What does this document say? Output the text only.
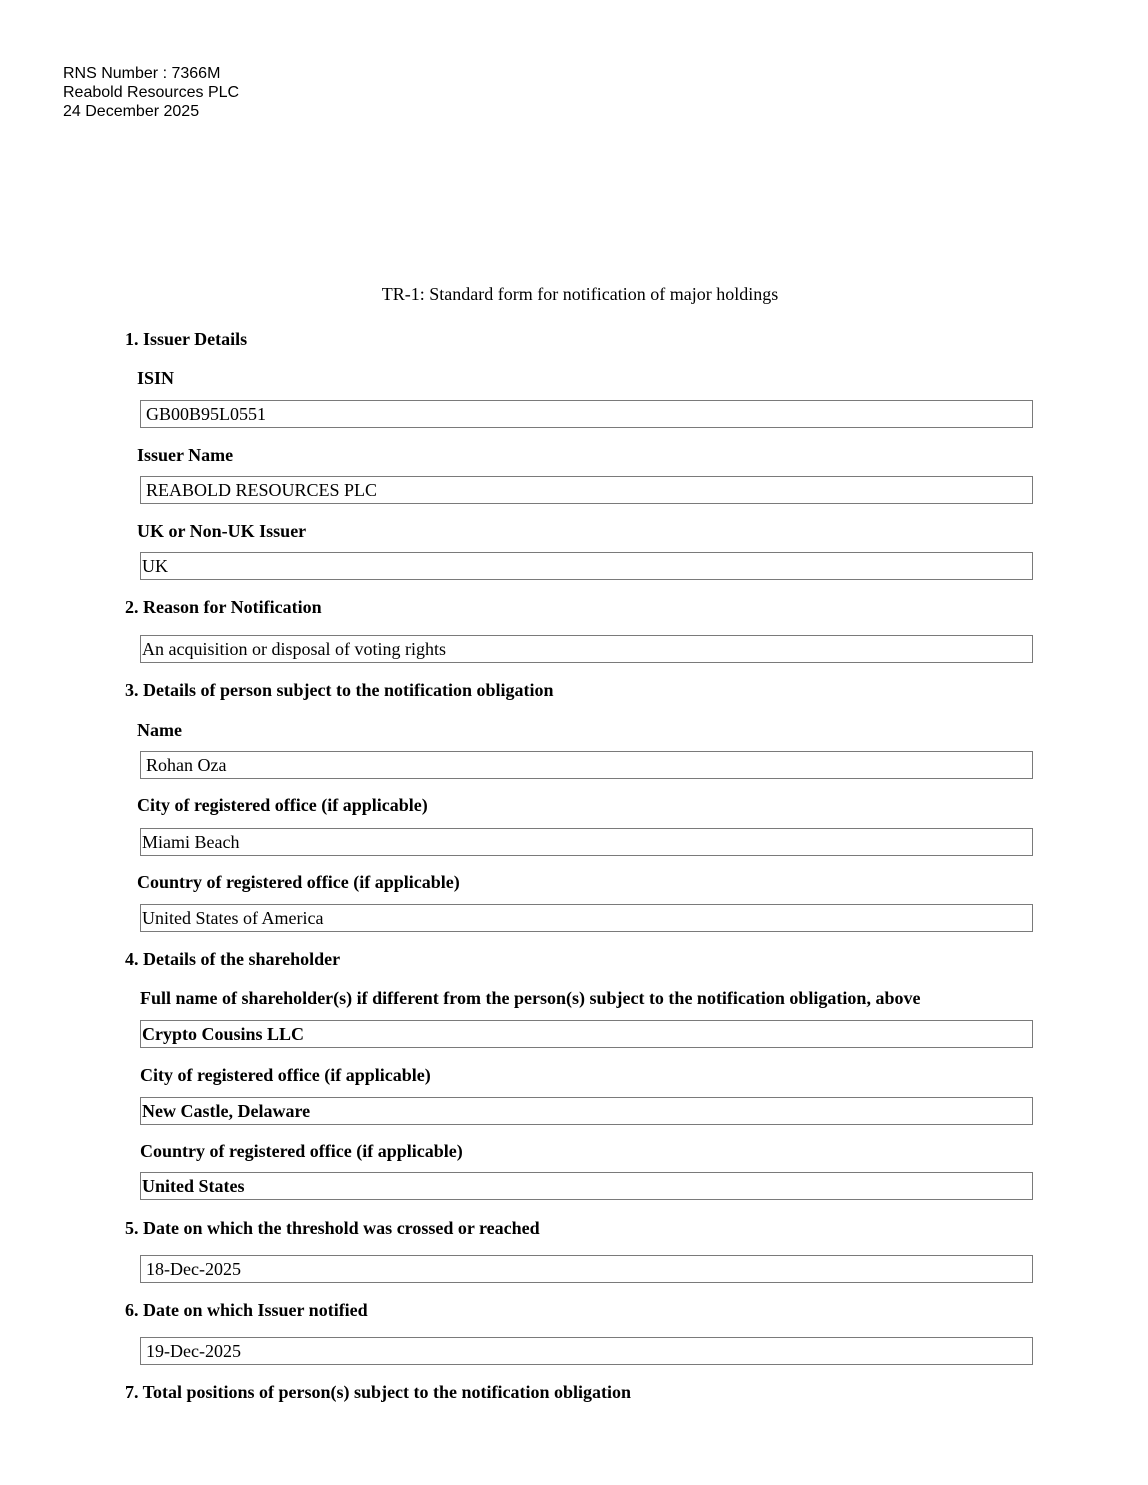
RNS Number : 7366M
Reabold Resources PLC
24 December 2025
TR-1: Standard form for notification of major holdings
1. Issuer Details
ISIN
GB00B95L0551
Issuer Name
REABOLD RESOURCES PLC
UK or Non-UK Issuer
UK
2. Reason for Notification
An acquisition or disposal of voting rights
3. Details of person subject to the notification obligation
Name
Rohan Oza
City of registered office (if applicable)
Miami Beach
Country of registered office (if applicable)
United States of America
4. Details of the shareholder
Full name of shareholder(s) if different from the person(s) subject to the notification obligation, above
Crypto Cousins LLC
City of registered office (if applicable)
New Castle, Delaware
Country of registered office (if applicable)
United States
5. Date on which the threshold was crossed or reached
18-Dec-2025
6. Date on which Issuer notified
19-Dec-2025
7. Total positions of person(s) subject to the notification obligation
